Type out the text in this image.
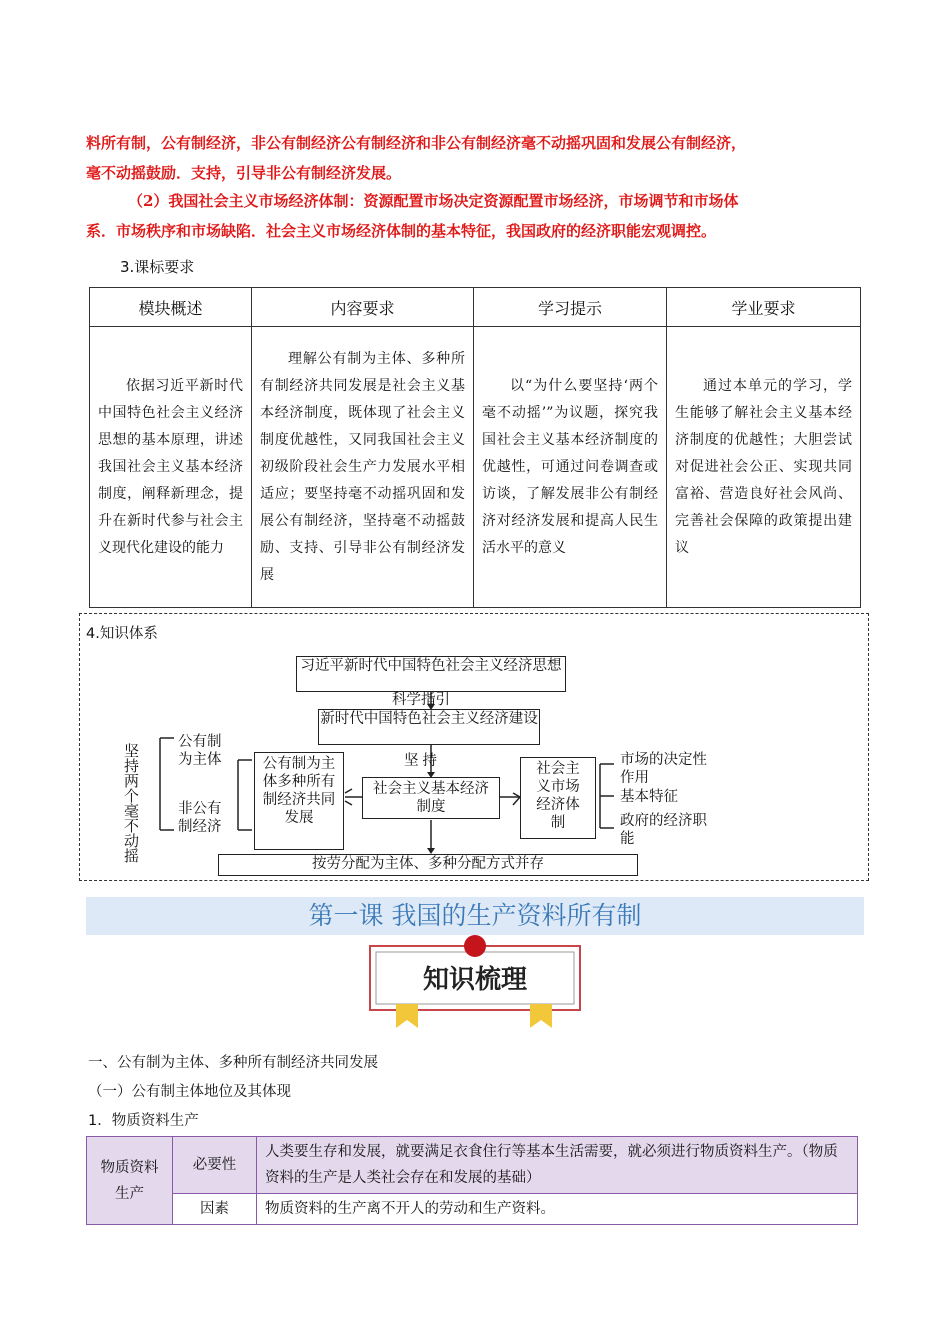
料所有制，公有制经济，非公有制经济公有制经济和非公有制经济毫不动摇巩固和发展公有制经济，
毫不动摇鼓励．支持，引导非公有制经济发展。
（2）我国社会主义市场经济体制：资源配置市场决定资源配置市场经济，市场调节和市场体
系．市场秩序和市场缺陷．社会主义市场经济体制的基本特征，我国政府的经济职能宏观调控。
3.课标要求
模块概述	内容要求	学习提示	学业要求
依据习近平新时代中国特色社会主义经济思想的基本原理，讲述我国社会主义基本经济制度，阐释新理念，提升在新时代参与社会主义现代化建设的能力	理解公有制为主体、多种所有制经济共同发展是社会主义基本经济制度，既体现了社会主义制度优越性，又同我国社会主义初级阶段社会生产力发展水平相适应；要坚持毫不动摇巩固和发展公有制经济，坚持毫不动摇鼓励、支持、引导非公有制经济发展	以“为什么要坚持‘两个毫不动摇’”为议题，探究我国社会主义基本经济制度的优越性，可通过问卷调查或访谈，了解发展非公有制经济对经济发展和提高人民生活水平的意义	通过本单元的学习，学生能够了解社会主义基本经济制度的优越性；大胆尝试对促进社会公正、实现共同富裕、营造良好社会风尚、完善社会保障的政策提出建议
4.知识体系
习近平新时代中国特色社会主义经济思想
科学指引
新时代中国特色社会主义经济建设
坚持
坚持两个毫不动摇
公有制为主体
非公有制经济
公有制为主体多种所有制经济共同发展
社会主义基本经济制度
社会主义市场经济体制
市场的决定性作用
基本特征
政府的经济职能
按劳分配为主体、多种分配方式并存
第一课 我国的生产资料所有制
知识梳理
一、公有制为主体、多种所有制经济共同发展
（一）公有制主体地位及其体现
1．物质资料生产
物质资料生产	必要性	人类要生存和发展，就要满足衣食住行等基本生活需要，就必须进行物质资料生产。（物质资料的生产是人类社会存在和发展的基础）
	因素	物质资料的生产离不开人的劳动和生产资料。
